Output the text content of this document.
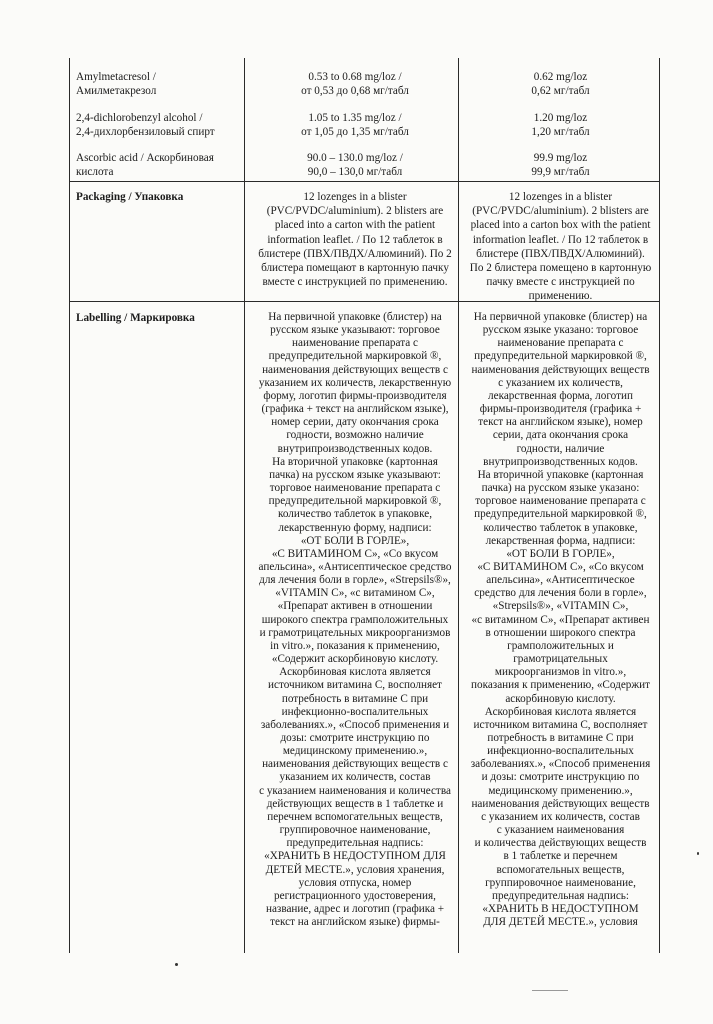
Amylmetacresol /
Амилметакрезол
0.53 to 0.68 mg/loz /
от 0,53 до 0,68 мг/табл
0.62 mg/loz
0,62 мг/табл
2,4-dichlorobenzyl alcohol /
2,4-дихлорбензиловый спирт
1.05 to 1.35 mg/loz /
от 1,05 до 1,35 мг/табл
1.20 mg/loz
1,20 мг/табл
Ascorbic acid / Аскорбиновая
кислота
90.0 – 130.0 mg/loz /
90,0 – 130,0 мг/табл
99.9 mg/loz
99,9 мг/табл
Packaging / Упаковка	12 lozenges in a blister

(PVC/PVDC/aluminium). 2 blisters are

placed into a carton with the patient

information leaflet. / По 12 таблеток в

блистере (ПВХ/ПВДХ/Алюминий). По 2

блистера помещают в картонную пачку

вместе с инструкцией по применению.

12 lozenges in a blister

(PVC/PVDC/aluminium). 2 blisters are

placed into a carton box with the patient

information leaflet. / По 12 таблеток в

блистере (ПВХ/ПВДХ/Алюминий).

По 2 блистера помещено в картонную

пачку вместе с инструкцией по

применению.

Labelling / Маркировка	На первичной упаковке (блистер) на

русском языке указывают: торговое

наименование препарата с

предупредительной маркировкой ®,

наименования действующих веществ с

указанием их количеств, лекарственную

форму, логотип фирмы-производителя

(графика + текст на английском языке),

номер серии, дату окончания срока

годности, возможно наличие

внутрипроизводственных кодов.

На вторичной упаковке (картонная

пачка) на русском языке указывают:

торговое наименование препарата с

предупредительной маркировкой ®,

количество таблеток в упаковке,

лекарственную форму, надписи:

«ОТ БОЛИ В ГОРЛЕ»,

«С ВИТАМИНОМ С», «Со вкусом

апельсина», «Антисептическое средство

для лечения боли в горле», «Strepsils®»,

«VITAMIN C», «с витамином С»,

«Препарат активен в отношении

широкого спектра грамположительных

и грамотрицательных микроорганизмов

in vitro.», показания к применению,

«Содержит аскорбиновую кислоту.

Аскорбиновая кислота является

источником витамина С, восполняет

потребность в витамине С при

инфекционно-воспалительных

заболеваниях.», «Способ применения и

дозы: смотрите инструкцию по

медицинскому применению.»,

наименования действующих веществ с

указанием их количеств, состав

с указанием наименования и количества

действующих веществ в 1 таблетке и

перечнем вспомогательных веществ,

группировочное наименование,

предупредительная надпись:

«ХРАНИТЬ В НЕДОСТУПНОМ ДЛЯ

ДЕТЕЙ МЕСТЕ.», условия хранения,

условия отпуска, номер

регистрационного удостоверения,

название, адрес и логотип (графика +

текст на английском языке) фирмы-

На первичной упаковке (блистер) на

русском языке указано: торговое

наименование препарата с

предупредительной маркировкой ®,

наименования действующих веществ

с указанием их количеств,

лекарственная форма, логотип

фирмы-производителя (графика +

текст на английском языке), номер

серии, дата окончания срока

годности, наличие

внутрипроизводственных кодов.

На вторичной упаковке (картонная

пачка) на русском языке указано:

торговое наименование препарата с

предупредительной маркировкой ®,

количество таблеток в упаковке,

лекарственная форма, надписи:

«ОТ БОЛИ В ГОРЛЕ»,

«С ВИТАМИНОМ С», «Со вкусом

апельсина», «Антисептическое

средство для лечения боли в горле»,

«Strepsils®», «VITAMIN C»,

«с витамином С», «Препарат активен

в отношении широкого спектра

грамположительных и

грамотрицательных

микроорганизмов in vitro.»,

показания к применению, «Содержит

аскорбиновую кислоту.

Аскорбиновая кислота является

источником витамина С, восполняет

потребность в витамине С при

инфекционно-воспалительных

заболеваниях.», «Способ применения

и дозы: смотрите инструкцию по

медицинскому применению.»,

наименования действующих веществ

с указанием их количеств, состав

с указанием наименования

и количества действующих веществ

в 1 таблетке и перечнем

вспомогательных веществ,

группировочное наименование,

предупредительная надпись:

«ХРАНИТЬ В НЕДОСТУПНОМ

ДЛЯ ДЕТЕЙ МЕСТЕ.», условия
